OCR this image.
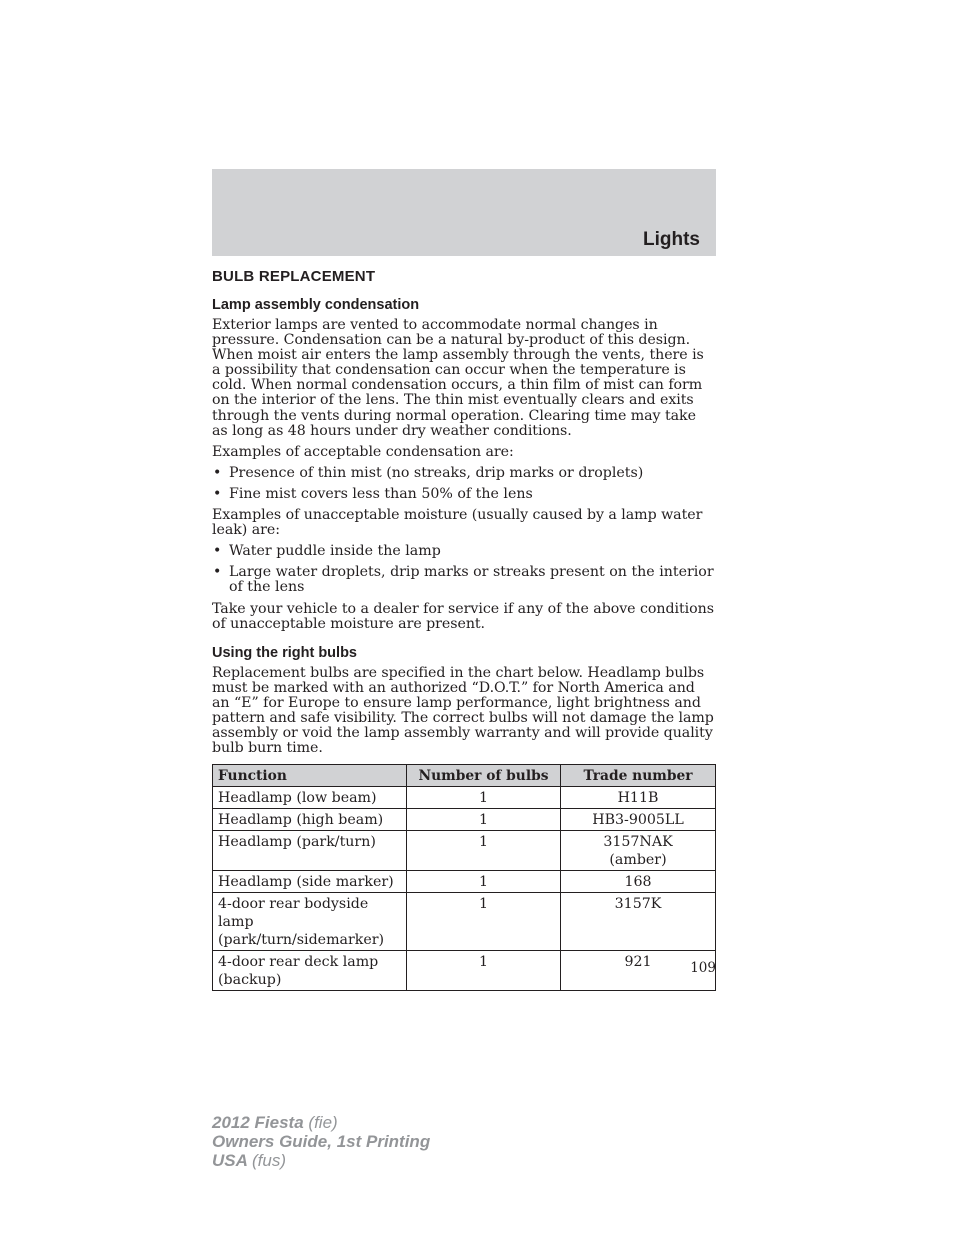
Lights
BULB REPLACEMENT
Lamp assembly condensation

Exterior lamps are vented to accommodate normal changes in pressure. Condensation can be a natural by-product of this design. When moist air enters the lamp assembly through the vents, there is a possibility that condensation can occur when the temperature is cold. When normal condensation occurs, a thin film of mist can form on the interior of the lens. The thin mist eventually clears and exits through the vents during normal operation. Clearing time may take as long as 48 hours under dry weather conditions.

Examples of acceptable condensation are:

• Presence of thin mist (no streaks, drip marks or droplets)
• Fine mist covers less than 50% of the lens

Examples of unacceptable moisture (usually caused by a lamp water leak) are:

• Water puddle inside the lamp
• Large water droplets, drip marks or streaks present on the interior of the lens

Take your vehicle to a dealer for service if any of the above conditions of unacceptable moisture are present.

Using the right bulbs

Replacement bulbs are specified in the chart below. Headlamp bulbs must be marked with an authorized “D.O.T.” for North America and an “E” for Europe to ensure lamp performance, light brightness and pattern and safe visibility. The correct bulbs will not damage the lamp assembly or void the lamp assembly warranty and will provide quality bulb burn time.

Function	Number of bulbs	Trade number
Headlamp (low beam)	1	H11B
Headlamp (high beam)	1	HB3-9005LL
Headlamp (park/turn)	1	3157NAK (amber)
Headlamp (side marker)	1	168
4-door rear bodyside lamp (park/turn/sidemarker)	1	3157K
4-door rear deck lamp (backup)	1	921	109
2012 Fiesta (fie)
Owners Guide, 1st Printing
USA (fus)
